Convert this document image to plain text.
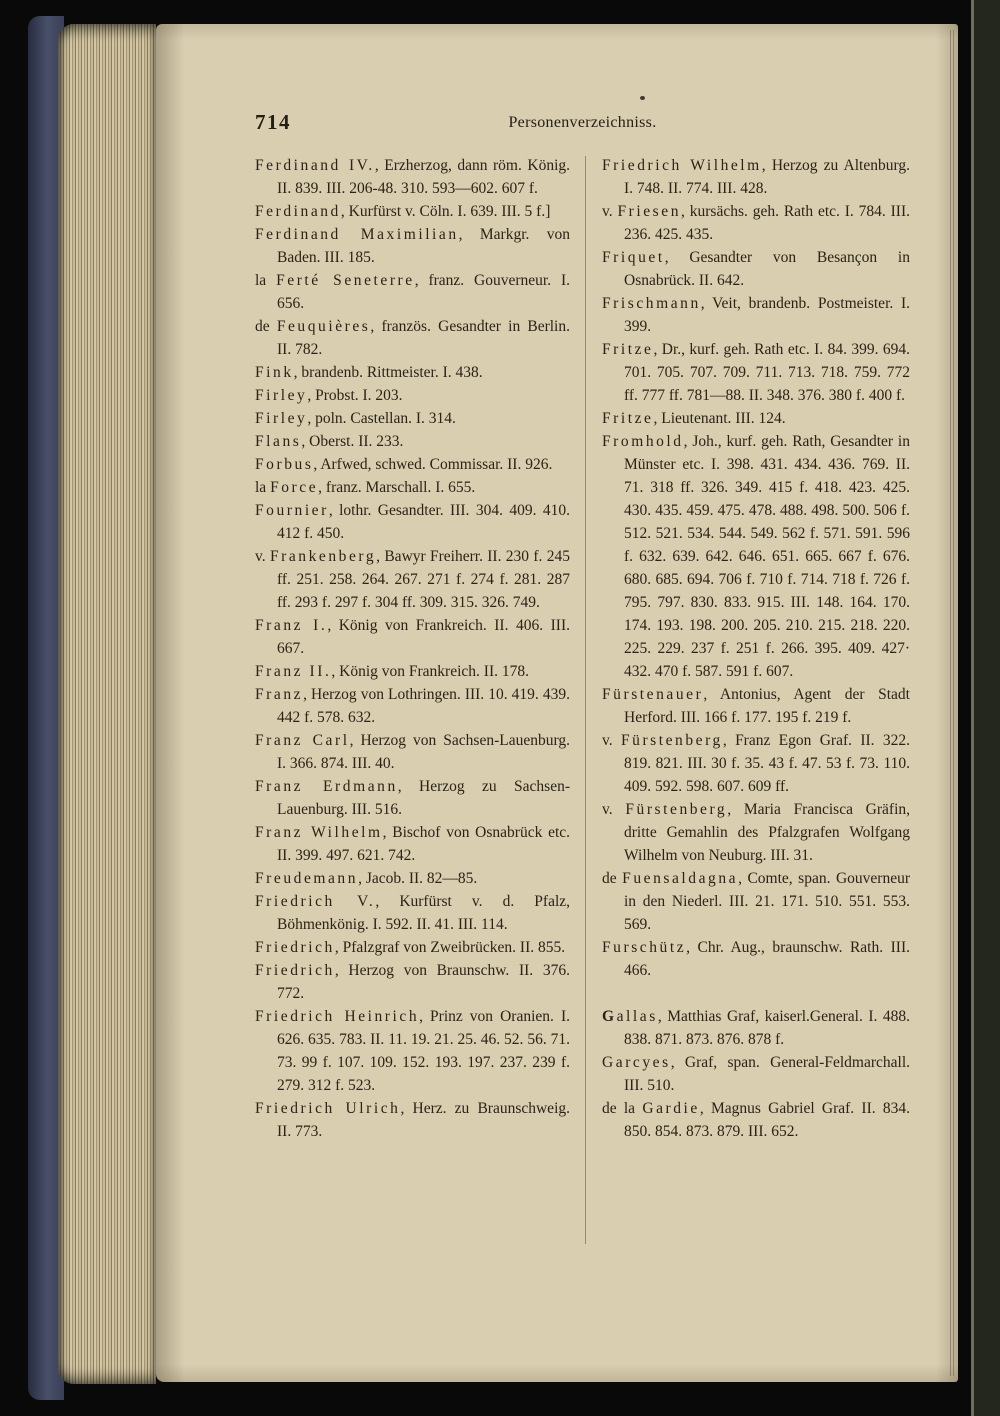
714	Personenverzeichniss.
Ferdinand IV., Erzherzog, dann röm. König. II. 839. III. 206-48. 310. 593—602. 607 f.
Ferdinand, Kurfürst v. Cöln. I. 639. III. 5 f.]
Ferdinand Maximilian, Markgr. von Baden. III. 185.
la Ferté Seneterre, franz. Gouverneur. I. 656.
de Feuquières, französ. Gesandter in Berlin. II. 782.
Fink, brandenb. Rittmeister. I. 438.
Firley, Probst. I. 203.
Firley, poln. Castellan. I. 314.
Flans, Oberst. II. 233.
Forbus, Arfwed, schwed. Commissar. II. 926.
la Force, franz. Marschall. I. 655.
Fournier, lothr. Gesandter. III. 304. 409. 410. 412 f. 450.
v. Frankenberg, Bawyr Freiherr. II. 230 f. 245 ff. 251. 258. 264. 267. 271 f. 274 f. 281. 287 ff. 293 f. 297 f. 304 ff. 309. 315. 326. 749.
Franz I., König von Frankreich. II. 406. III. 667.
Franz II., König von Frankreich. II. 178.
Franz, Herzog von Lothringen. III. 10. 419. 439. 442 f. 578. 632.
Franz Carl, Herzog von Sachsen-Lauenburg. I. 366. 874. III. 40.
Franz Erdmann, Herzog zu Sachsen-Lauenburg. III. 516.
Franz Wilhelm, Bischof von Osnabrück etc. II. 399. 497. 621. 742.
Freudemann, Jacob. II. 82—85.
Friedrich V., Kurfürst v. d. Pfalz, Böhmenkönig. I. 592. II. 41. III. 114.
Friedrich, Pfalzgraf von Zweibrücken. II. 855.
Friedrich, Herzog von Braunschw. II. 376. 772.
Friedrich Heinrich, Prinz von Oranien. I. 626. 635. 783. II. 11. 19. 21. 25. 46. 52. 56. 71. 73. 99 f. 107. 109. 152. 193. 197. 237. 239 f. 279. 312 f. 523.
Friedrich Ulrich, Herz. zu Braunschweig. II. 773.
Friedrich Wilhelm, Herzog zu Altenburg. I. 748. II. 774. III. 428.
v. Friesen, kursächs. geh. Rath etc. I. 784. III. 236. 425. 435.
Friquet, Gesandter von Besançon in Osnabrück. II. 642.
Frischmann, Veit, brandenb. Postmeister. I. 399.
Fritze, Dr., kurf. geh. Rath etc. I. 84. 399. 694. 701. 705. 707. 709. 711. 713. 718. 759. 772 ff. 777 ff. 781—88. II. 348. 376. 380 f. 400 f.
Fritze, Lieutenant. III. 124.
Fromhold, Joh., kurf. geh. Rath, Gesandter in Münster etc. I. 398. 431. 434. 436. 769. II. 71. 318 ff. 326. 349. 415 f. 418. 423. 425. 430. 435. 459. 475. 478. 488. 498. 500. 506 f. 512. 521. 534. 544. 549. 562 f. 571. 591. 596 f. 632. 639. 642. 646. 651. 665. 667 f. 676. 680. 685. 694. 706 f. 710 f. 714. 718 f. 726 f. 795. 797. 830. 833. 915. III. 148. 164. 170. 174. 193. 198. 200. 205. 210. 215. 218. 220. 225. 229. 237 f. 251 f. 266. 395. 409. 427· 432. 470 f. 587. 591 f. 607.
Fürstenauer, Antonius, Agent der Stadt Herford. III. 166 f. 177. 195 f. 219 f.
v. Fürstenberg, Franz Egon Graf. II. 322. 819. 821. III. 30 f. 35. 43 f. 47. 53 f. 73. 110. 409. 592. 598. 607. 609 ff.
v. Fürstenberg, Maria Francisca Gräfin, dritte Gemahlin des Pfalzgrafen Wolfgang Wilhelm von Neuburg. III. 31.
de Fuensaldagna, Comte, span. Gouverneur in den Niederl. III. 21. 171. 510. 551. 553. 569.
Furschütz, Chr. Aug., braunschw. Rath. III. 466.
Gallas, Matthias Graf, kaiserl.General. I. 488. 838. 871. 873. 876. 878 f.
Garcyes, Graf, span. General-Feldmarchall. III. 510.
de la Gardie, Magnus Gabriel Graf. II. 834. 850. 854. 873. 879. III. 652.
